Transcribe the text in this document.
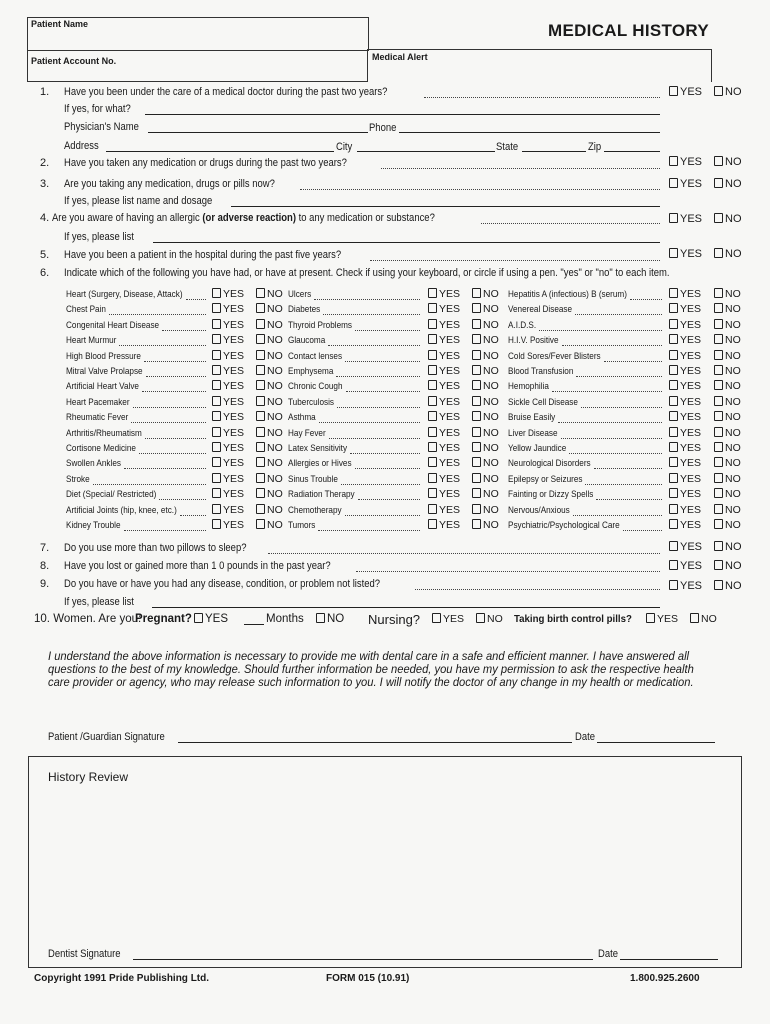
Patient Name
Patient Account No.	Medical Alert
MEDICAL HISTORY
1. Have you been under the care of a medical doctor during the past two years?	YES	NO
If yes, for what?
Physician's Name	Phone
Address	City	State	Zip
2. Have you taken any medication or drugs during the past two years?	YES	NO
3. Are you taking any medication, drugs or pills now?	YES	NO
If yes, please list name and dosage
4. Are you aware of having an allergic (or adverse reaction) to any medication or substance?	YES	NO
If yes, please list
5. Have you been a patient in the hospital during the past five years?	YES	NO
6. Indicate which of the following you have had, or have at present. Check if using your keyboard, or circle if using a pen. "yes" or "no" to each item.
Heart (Surgery, Disease, Attack)	YES	NO
Chest Pain	YES	NO
Congenital Heart Disease	YES	NO
Heart Murmur	YES	NO
High Blood Pressure	YES	NO
Mitral Valve Prolapse	YES	NO
Artificial Heart Valve	YES	NO
Heart Pacemaker	YES	NO
Rheumatic Fever	YES	NO
Arthritis/Rheumatism	YES	NO
Cortisone Medicine	YES	NO
Swollen Ankles	YES	NO
Stroke	YES	NO
Diet (Special/ Restricted)	YES	NO
Artificial Joints (hip, knee, etc.)	YES	NO
Kidney Trouble	YES	NO
Ulcers	YES	NO
Diabetes	YES	NO
Thyroid Problems	YES	NO
Glaucoma	YES	NO
Contact lenses	YES	NO
Emphysema	YES	NO
Chronic Cough	YES	NO
Tuberculosis	YES	NO
Asthma	YES	NO
Hay Fever	YES	NO
Latex Sensitivity	YES	NO
Allergies or Hives	YES	NO
Sinus Trouble	YES	NO
Radiation Therapy	YES	NO
Chemotherapy	YES	NO
Tumors	YES	NO
Hepatitis A (infectious) B (serum)	YES	NO
Venereal Disease	YES	NO
A.I.D.S.	YES	NO
H.I.V. Positive	YES	NO
Cold Sores/Fever Blisters	YES	NO
Blood Transfusion	YES	NO
Hemophilia	YES	NO
Sickle Cell Disease	YES	NO
Bruise Easily	YES	NO
Liver Disease	YES	NO
Yellow Jaundice	YES	NO
Neurological Disorders	YES	NO
Epilepsy or Seizures	YES	NO
Fainting or Dizzy Spells	YES	NO
Nervous/Anxious	YES	NO
Psychiatric/Psychological Care	YES	NO
7. Do you use more than two pillows to sleep?	YES	NO
8. Have you lost or gained more than 1 0 pounds in the past year?	YES	NO
9. Do you have or have you had any disease, condition, or problem not listed?	YES	NO
If yes, please list
10. Women. Are you:
Pregnant?	YES	Months	NO Nursing?	YES	NO Taking birth control pills?	YES	NO
I understand the above information is necessary to provide me with dental care in a safe and efficient manner. I have answered all questions to the best of my knowledge. Should further information be needed, you have my permission to ask the respective health care provider or agency, who may release such information to you. I will notify the doctor of any change in my health or medication.
Patient /Guardian Signature	Date
History Review
Dentist Signature	Date
Copyright 1991 Pride Publishing Ltd.	FORM 015 (10.91)	1.800.925.2600
